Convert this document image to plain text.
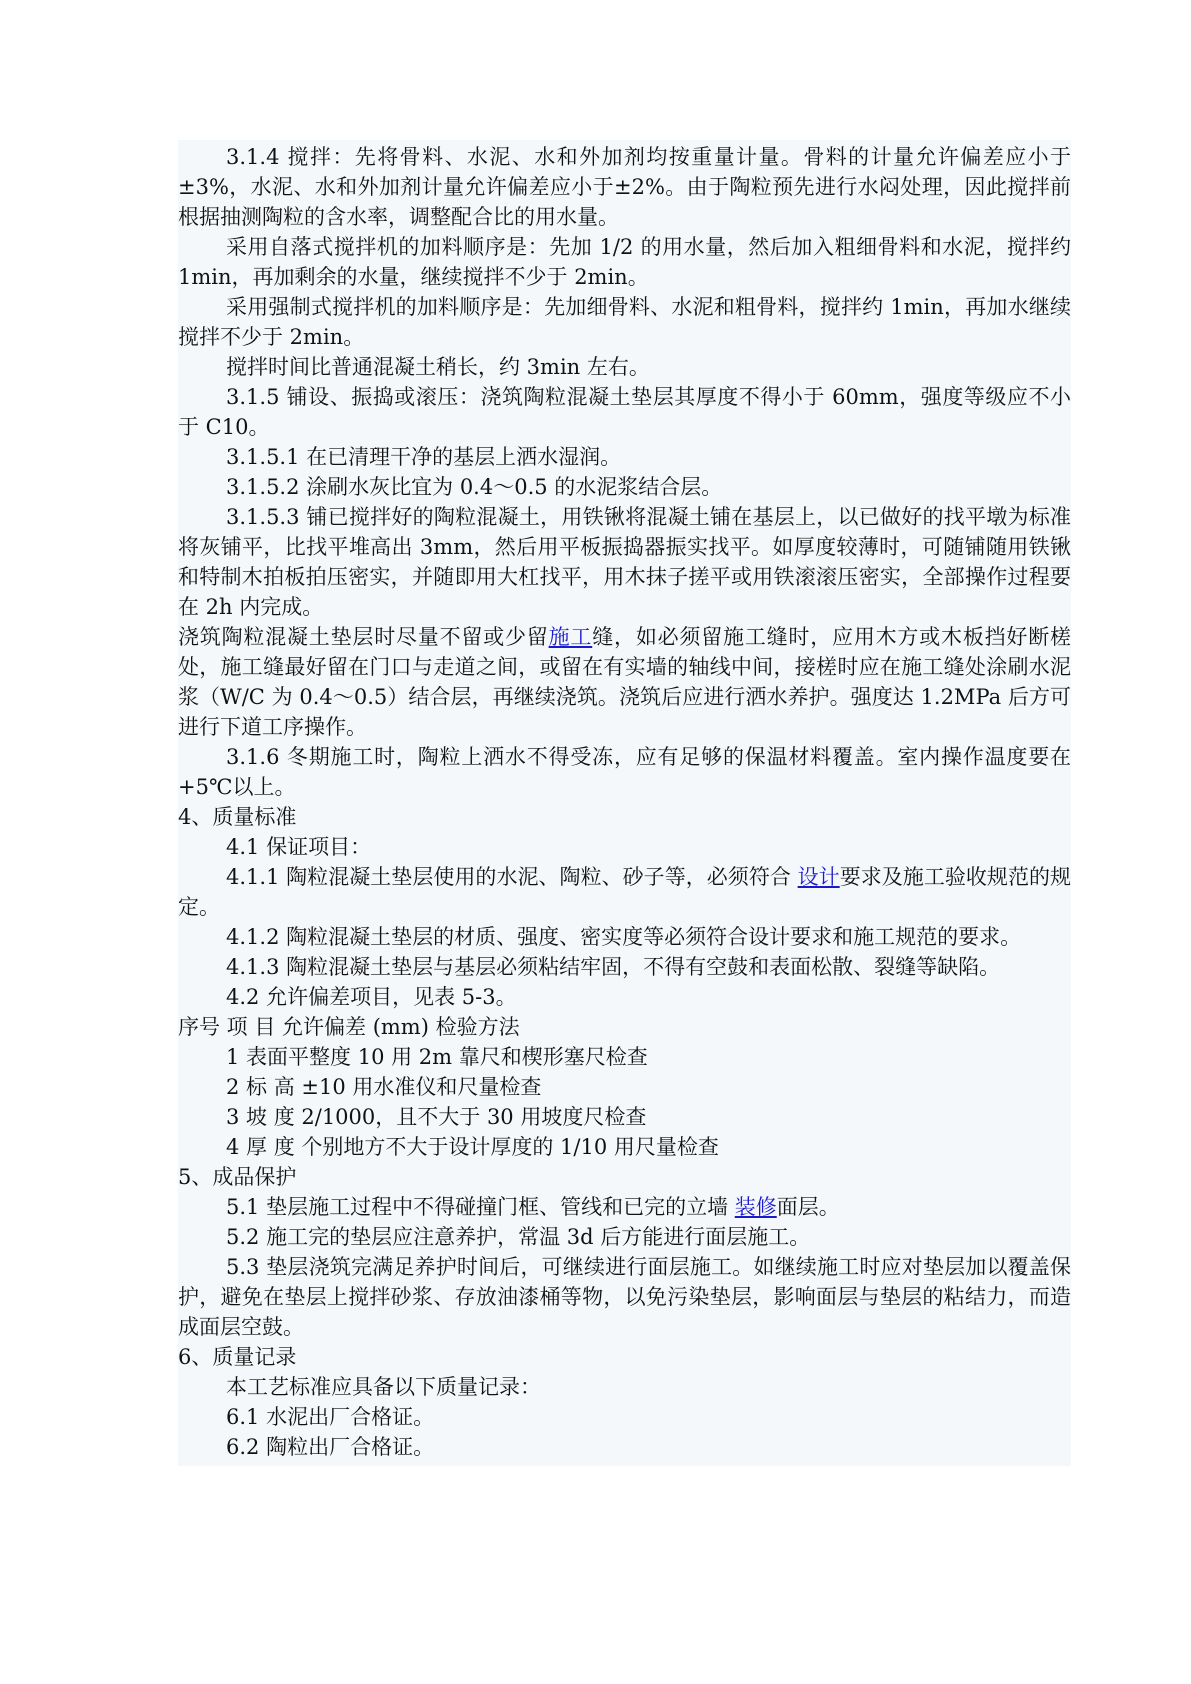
3.1.4 搅拌：先将骨料、水泥、水和外加剂均按重量计量。骨料的计量允许偏差应小于±3%，水泥、水和外加剂计量允许偏差应小于±2%。由于陶粒预先进行水闷处理，因此搅拌前根据抽测陶粒的含水率，调整配合比的用水量。

采用自落式搅拌机的加料顺序是：先加 1/2 的用水量，然后加入粗细骨料和水泥，搅拌约 1min，再加剩余的水量，继续搅拌不少于 2min。

采用强制式搅拌机的加料顺序是：先加细骨料、水泥和粗骨料，搅拌约 1min，再加水继续搅拌不少于 2min。

搅拌时间比普通混凝土稍长，约 3min 左右。

3.1.5 铺设、振捣或滚压：浇筑陶粒混凝土垫层其厚度不得小于 60mm，强度等级应不小于 C10。

3.1.5.1 在已清理干净的基层上洒水湿润。

3.1.5.2 涂刷水灰比宜为 0.4～0.5 的水泥浆结合层。

3.1.5.3 铺已搅拌好的陶粒混凝土，用铁锹将混凝土铺在基层上，以已做好的找平墩为标准将灰铺平，比找平堆高出 3mm，然后用平板振捣器振实找平。如厚度较薄时，可随铺随用铁锹和特制木拍板拍压密实，并随即用大杠找平，用木抹子搓平或用铁滚滚压密实，全部操作过程要在 2h 内完成。

浇筑陶粒混凝土垫层时尽量不留或少留施工缝，如必须留施工缝时，应用木方或木板挡好断槎处，施工缝最好留在门口与走道之间，或留在有实墙的轴线中间，接槎时应在施工缝处涂刷水泥浆（W/C 为 0.4～0.5）结合层，再继续浇筑。浇筑后应进行洒水养护。强度达 1.2MPa 后方可进行下道工序操作。

3.1.6 冬期施工时，陶粒上洒水不得受冻，应有足够的保温材料覆盖。室内操作温度要在+5℃以上。

4、质量标准

4.1 保证项目：

4.1.1 陶粒混凝土垫层使用的水泥、陶粒、砂子等，必须符合 设计要求及施工验收规范的规定。

4.1.2 陶粒混凝土垫层的材质、强度、密实度等必须符合设计要求和施工规范的要求。

4.1.3 陶粒混凝土垫层与基层必须粘结牢固，不得有空鼓和表面松散、裂缝等缺陷。

4.2 允许偏差项目，见表 5-3。

序号 项 目 允许偏差 (mm) 检验方法

1 表面平整度 10 用 2m 靠尺和楔形塞尺检查

2 标 高 ±10 用水准仪和尺量检查

3 坡 度 2/1000，且不大于 30 用坡度尺检查

4 厚 度 个别地方不大于设计厚度的 1/10 用尺量检查

5、成品保护

5.1 垫层施工过程中不得碰撞门框、管线和已完的立墙 装修面层。

5.2 施工完的垫层应注意养护，常温 3d 后方能进行面层施工。

5.3 垫层浇筑完满足养护时间后，可继续进行面层施工。如继续施工时应对垫层加以覆盖保护，避免在垫层上搅拌砂浆、存放油漆桶等物，以免污染垫层，影响面层与垫层的粘结力，而造成面层空鼓。

6、质量记录

本工艺标准应具备以下质量记录：

6.1 水泥出厂合格证。

6.2 陶粒出厂合格证。
